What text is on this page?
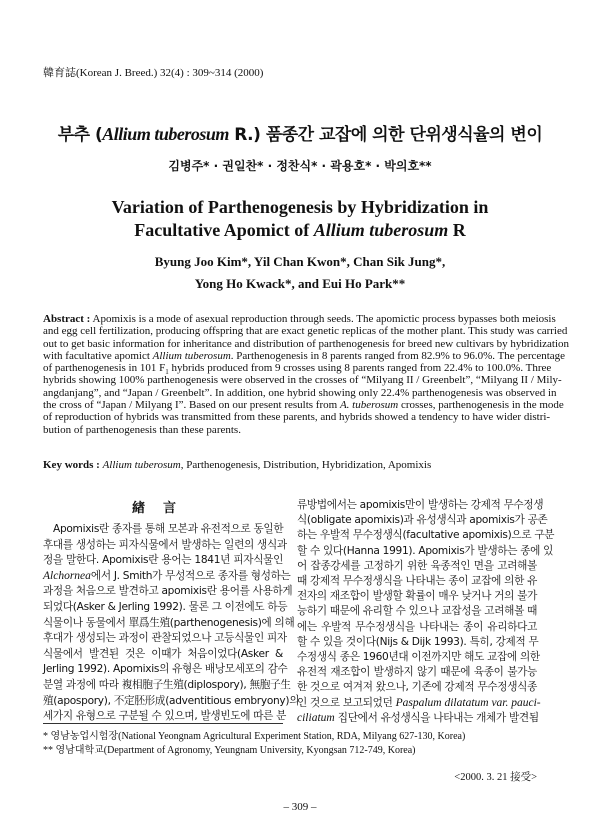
韓育誌(Korean J. Breed.) 32(4) : 309~314 (2000)
부추 (Allium tuberosum R.) 품종간 교잡에 의한 단위생식율의 변이
김병주* · 권일찬* · 정찬식* · 곽용호* · 박의호**
Variation of Parthenogenesis by Hybridization in
Facultative Apomict of Allium tuberosum R
Byung Joo Kim*, Yil Chan Kwon*, Chan Sik Jung*,
Yong Ho Kwack*, and Eui Ho Park**
Abstract : Apomixis is a mode of asexual reproduction through seeds. The apomictic process bypasses both meiosis
and egg cell fertilization, producing offspring that are exact genetic replicas of the mother plant. This study was carried
out to get basic information for inheritance and distribution of parthenogenesis for breed new cultivars by hybridization
with facultative apomict Allium tuberosum. Parthenogenesis in 8 parents ranged from 82.9% to 96.0%. The percentage
of parthenogenesis in 101 $F_1$ hybrids produced from 9 crosses using 8 parents ranged from 22.4% to 100.0%. Three
hybrids showing 100% parthenogenesis were observed in the crosses of “Milyang II / Greenbelt”, “Milyang II / Mily-
angdanjang”, and “Japan / Greenbelt”. In addition, one hybrid showing only 22.4% parthenogenesis was observed in
the cross of “Japan / Milyang I”. Based on our present results from A. tuberosum crosses, parthenogenesis in the mode
of reproduction of hybrids was transmitted from these parents, and hybrids showed a tendency to have wider distri-
bution of parthenogenesis than these parents.
Key words : Allium tuberosum, Parthenogenesis, Distribution, Hybridization, Apomixis
緖言
Apomixis란 종자를 통해 모본과 유전적으로 동일한
후대를 생성하는 피자식물에서 발생하는 일련의 생식과
정을 말한다. Apomixis란 용어는 1841년 피자식물인
Alchornea에서 J. Smith가 무성적으로 종자를 형성하는
과정을 처음으로 발견하고 apomixis란 용어를 사용하게
되었다(Asker & Jerling 1992). 물론 그 이전에도 하등
식물이나 동물에서 單爲生殖(parthenogenesis)에 의해
후대가 생성되는 과정이 관찰되었으나 고등식물인 피자
식물에서 발견된 것은 이때가 처음이었다(Asker &
Jerling 1992). Apomixis의 유형은 배낭모세포의 감수
분열 과정에 따라 複相胞子生殖(diplospory), 無胞子生
殖(apospory), 不定胚形成(adventitious embryony)의
세가지 유형으로 구분될 수 있으며, 발생빈도에 따른 분
류방법에서는 apomixis만이 발생하는 강제적 무수정생
식(obligate apomixis)과 유성생식과 apomixis가 공존
하는 우발적 무수정생식(facultative apomixis)으로 구분
할 수 있다(Hanna 1991). Apomixis가 발생하는 종에 있
어 잡종강세를 고정하기 위한 육종적인 면을 고려해볼
때 강제적 무수정생식을 나타내는 종이 교잡에 의한 유
전자의 재조합이 발생할 확률이 매우 낮거나 거의 불가
능하기 때문에 유리할 수 있으나 교잡성을 고려해볼 때
에는 우발적 무수정생식을 나타내는 종이 유리하다고
할 수 있을 것이다(Nijs & Dijk 1993). 특히, 강제적 무
수정생식 종은 1960년대 이전까지만 해도 교잡에 의한
유전적 재조합이 발생하지 않기 때문에 육종이 불가능
한 것으로 여겨져 왔으나, 기존에 강제적 무수정생식종
인 것으로 보고되었던 Paspalum dilatatum var. pauci-
ciliatum 집단에서 유성생식을 나타내는 개체가 발견됨
* 영남농업시험장(National Yeongnam Agricultural Experiment Station, RDA, Milyang 627-130, Korea)
** 영남대학교(Department of Agronomy, Yeungnam University, Kyongsan 712-749, Korea)
<2000. 3. 21 接受>
– 309 –
